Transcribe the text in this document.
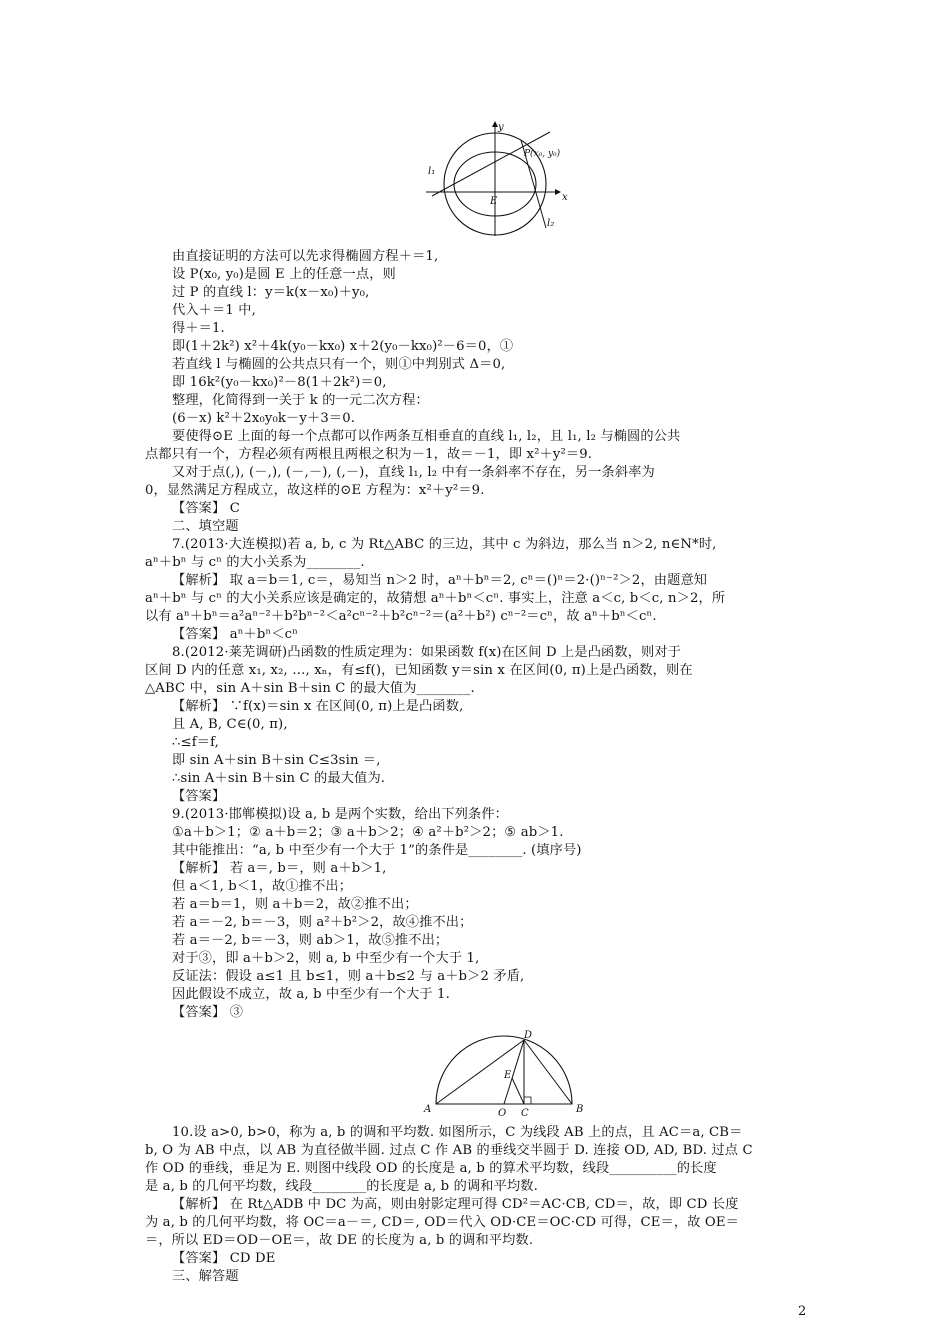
y
x
P(x₀, y₀)
l₁
l₂
E
A	B
O C
D
E
由直接证明的方法可以先求得椭圆方程＋＝1,
设 P(x₀, y₀)是圆 E 上的任意一点，则
过 P 的直线 l：y＝k(x－x₀)＋y₀,
代入＋＝1 中,
得＋＝1.
即(1＋2k²) x²＋4k(y₀－kx₀) x＋2(y₀－kx₀)²－6＝0，①
若直线 l 与椭圆的公共点只有一个，则①中判别式 Δ＝0,
即 16k²(y₀－kx₀)²－8(1＋2k²)＝0,
整理，化简得到一关于 k 的一元二次方程：
(6－x) k²＋2x₀y₀k－y＋3＝0.
要使得⊙E 上面的每一个点都可以作两条互相垂直的直线 l₁, l₂，且 l₁, l₂ 与椭圆的公共
点都只有一个，方程必须有两根且两根之积为－1，故＝－1，即 x²＋y²＝9.
又对于点(,), (－,), (－,－), (,－)，直线 l₁, l₂ 中有一条斜率不存在，另一条斜率为
0，显然满足方程成立，故这样的⊙E 方程为：x²＋y²＝9.
【答案】 C
二、填空题
7.(2013·大连模拟)若 a, b, c 为 Rt△ABC 的三边，其中 c 为斜边，那么当 n＞2, n∈N*时,
aⁿ＋bⁿ 与 cⁿ 的大小关系为________.
【解析】 取 a＝b＝1, c＝，易知当 n＞2 时，aⁿ＋bⁿ＝2, cⁿ＝()ⁿ＝2·()ⁿ⁻²＞2，由题意知
aⁿ＋bⁿ 与 cⁿ 的大小关系应该是确定的，故猜想 aⁿ＋bⁿ＜cⁿ. 事实上，注意 a＜c, b＜c, n＞2，所
以有 aⁿ＋bⁿ＝a²aⁿ⁻²＋b²bⁿ⁻²＜a²cⁿ⁻²＋b²cⁿ⁻²＝(a²＋b²) cⁿ⁻²＝cⁿ，故 aⁿ＋bⁿ＜cⁿ.
【答案】 aⁿ＋bⁿ＜cⁿ
8.(2012·莱芜调研)凸函数的性质定理为：如果函数 f(x)在区间 D 上是凸函数，则对于
区间 D 内的任意 x₁, x₂, …, xₙ，有≤f()，已知函数 y＝sin x 在区间(0, π)上是凸函数，则在
△ABC 中，sin A＋sin B＋sin C 的最大值为________.
【解析】 ∵f(x)＝sin x 在区间(0, π)上是凸函数,
且 A, B, C∈(0, π),
∴≤f＝f,
即 sin A＋sin B＋sin C≤3sin ＝,
∴sin A＋sin B＋sin C 的最大值为.
【答案】
9.(2013·邯郸模拟)设 a, b 是两个实数，给出下列条件：
①a＋b＞1；② a＋b＝2；③ a＋b＞2；④ a²＋b²＞2；⑤ ab＞1.
其中能推出：“a, b 中至少有一个大于 1”的条件是________. (填序号)
【解析】 若 a＝, b＝，则 a＋b＞1,
但 a＜1, b＜1，故①推不出；
若 a＝b＝1，则 a＋b＝2，故②推不出；
若 a＝－2, b＝－3，则 a²＋b²＞2，故④推不出；
若 a＝－2, b＝－3，则 ab＞1，故⑤推不出；
对于③，即 a＋b＞2，则 a, b 中至少有一个大于 1,
反证法：假设 a≤1 且 b≤1，则 a＋b≤2 与 a＋b＞2 矛盾,
因此假设不成立，故 a, b 中至少有一个大于 1.
【答案】 ③
10.设 a>0, b>0，称为 a, b 的调和平均数. 如图所示，C 为线段 AB 上的点，且 AC＝a, CB＝
b, O 为 AB 中点，以 AB 为直径做半圆. 过点 C 作 AB 的垂线交半圆于 D. 连接 OD, AD, BD. 过点 C
作 OD 的垂线，垂足为 E. 则图中线段 OD 的长度是 a, b 的算术平均数，线段__________的长度
是 a, b 的几何平均数，线段________的长度是 a, b 的调和平均数.
【解析】 在 Rt△ADB 中 DC 为高，则由射影定理可得 CD²＝AC·CB, CD＝，故，即 CD 长度
为 a, b 的几何平均数，将 OC＝a－＝, CD＝, OD＝代入 OD·CE＝OC·CD 可得，CE＝，故 OE＝
＝，所以 ED＝OD－OE＝，故 DE 的长度为 a, b 的调和平均数.
【答案】 CD DE
三、解答题
2
